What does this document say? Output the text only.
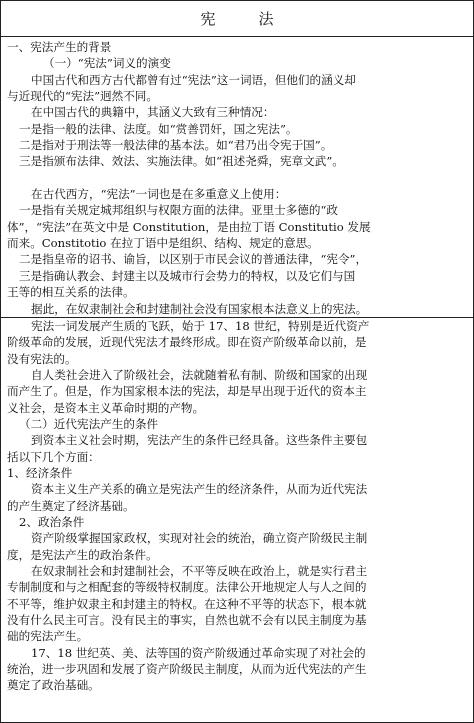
宪　法
一、宪法产生的背景
（一）“宪法”词义的演变
中国古代和西方古代都曾有过“宪法”这一词语，但他们的涵义却
与近现代的“宪法”迥然不同。
在中国古代的典籍中，其涵义大致有三种情况：
一是指一般的法律、法度。如“赏善罚奸，国之宪法”。
二是指对于刑法等一般法律的基本法。如“君乃出令宪于国”。
三是指颁布法律、效法、实施法律。如“祖述尧舜，宪章文武”。
在古代西方，“宪法”一词也是在多重意义上使用：
一是指有关规定城邦组织与权限方面的法律。亚里士多德的“政
体”，“宪法”在英文中是 Constitution，是由拉丁语 Constitutio 发展
而来。Constitotio 在拉丁语中是组织、结构、规定的意思。
二是指皇帝的诏书、谕旨，以区别于市民会议的普通法律，“宪令”，
三是指确认教会、封建主以及城市行会势力的特权，以及它们与国
王等的相互关系的法律。
据此，在奴隶制社会和封建制社会没有国家根本法意义上的宪法。
宪法一词发展产生质的飞跃，始于 17、18 世纪，特别是近代资产
阶级革命的发展，近现代宪法才最终形成。即在资产阶级革命以前，是
没有宪法的。
自人类社会进入了阶级社会，法就随着私有制、阶级和国家的出现
而产生了。但是，作为国家根本法的宪法，却是早出现于近代的资本主
义社会，是资本主义革命时期的产物。
（二）近代宪法产生的条件
到资本主义社会时期，宪法产生的条件已经具备。这些条件主要包
括以下几个方面：
1、经济条件
资本主义生产关系的确立是宪法产生的经济条件，从而为近代宪法
的产生奠定了经济基础。
2、政治条件
资产阶级掌握国家政权，实现对社会的统治，确立资产阶级民主制
度，是宪法产生的政治条件。
在奴隶制社会和封建制社会，不平等反映在政治上，就是实行君主
专制制度和与之相配套的等级特权制度。法律公开地规定人与人之间的
不平等，维护奴隶主和封建主的特权。在这种不平等的状态下，根本就
没有什么民主可言。没有民主的事实，自然也就不会有以民主制度为基
础的宪法产生。
17、18 世纪英、美、法等国的资产阶级通过革命实现了对社会的
统治，进一步巩固和发展了资产阶级民主制度，从而为近代宪法的产生
奠定了政治基础。
